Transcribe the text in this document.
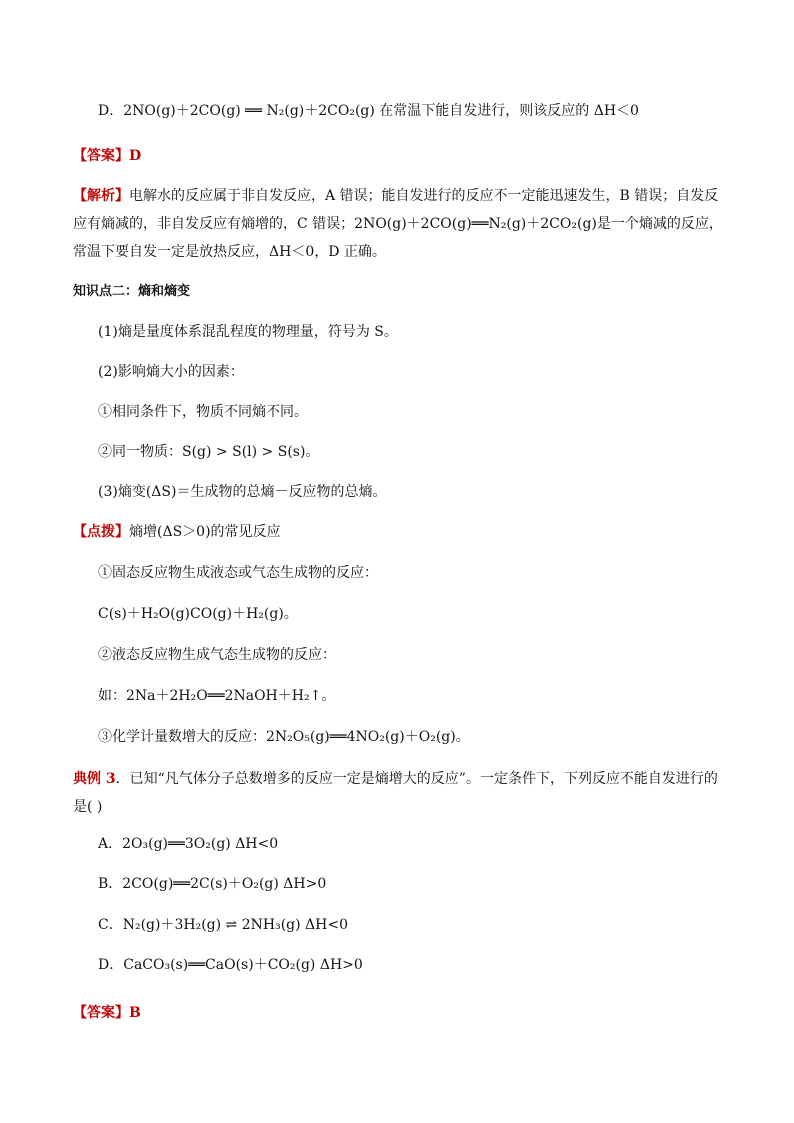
D．2NO(g)＋2CO(g) ══ N₂(g)＋2CO₂(g) 在常温下能自发进行，则该反应的 ΔH＜0
【答案】D
【解析】电解水的反应属于非自发反应，A 错误；能自发进行的反应不一定能迅速发生，B 错误；自发反应有熵减的，非自发反应有熵增的，C 错误；2NO(g)＋2CO(g)══N₂(g)＋2CO₂(g)是一个熵减的反应，常温下要自发一定是放热反应，ΔH＜0，D 正确。
知识点二：熵和熵变
(1)熵是量度体系混乱程度的物理量，符号为 S。
(2)影响熵大小的因素：
①相同条件下，物质不同熵不同。
②同一物质：S(g) > S(l) > S(s)。
(3)熵变(ΔS)＝生成物的总熵－反应物的总熵。
【点拨】熵增(ΔS＞0)的常见反应
①固态反应物生成液态或气态生成物的反应：
C(s)＋H₂O(g)CO(g)＋H₂(g)。
②液态反应物生成气态生成物的反应：
如：2Na＋2H₂O══2NaOH＋H₂↑。
③化学计量数增大的反应：2N₂O₅(g)══4NO₂(g)＋O₂(g)。
典例 3．已知“凡气体分子总数增多的反应一定是熵增大的反应”。一定条件下，下列反应不能自发进行的是( )
A．2O₃(g)══3O₂(g) ΔH<0
B．2CO(g)══2C(s)＋O₂(g) ΔH>0
C．N₂(g)＋3H₂(g) ⇌ 2NH₃(g) ΔH<0
D．CaCO₃(s)══CaO(s)＋CO₂(g) ΔH>0
【答案】B
